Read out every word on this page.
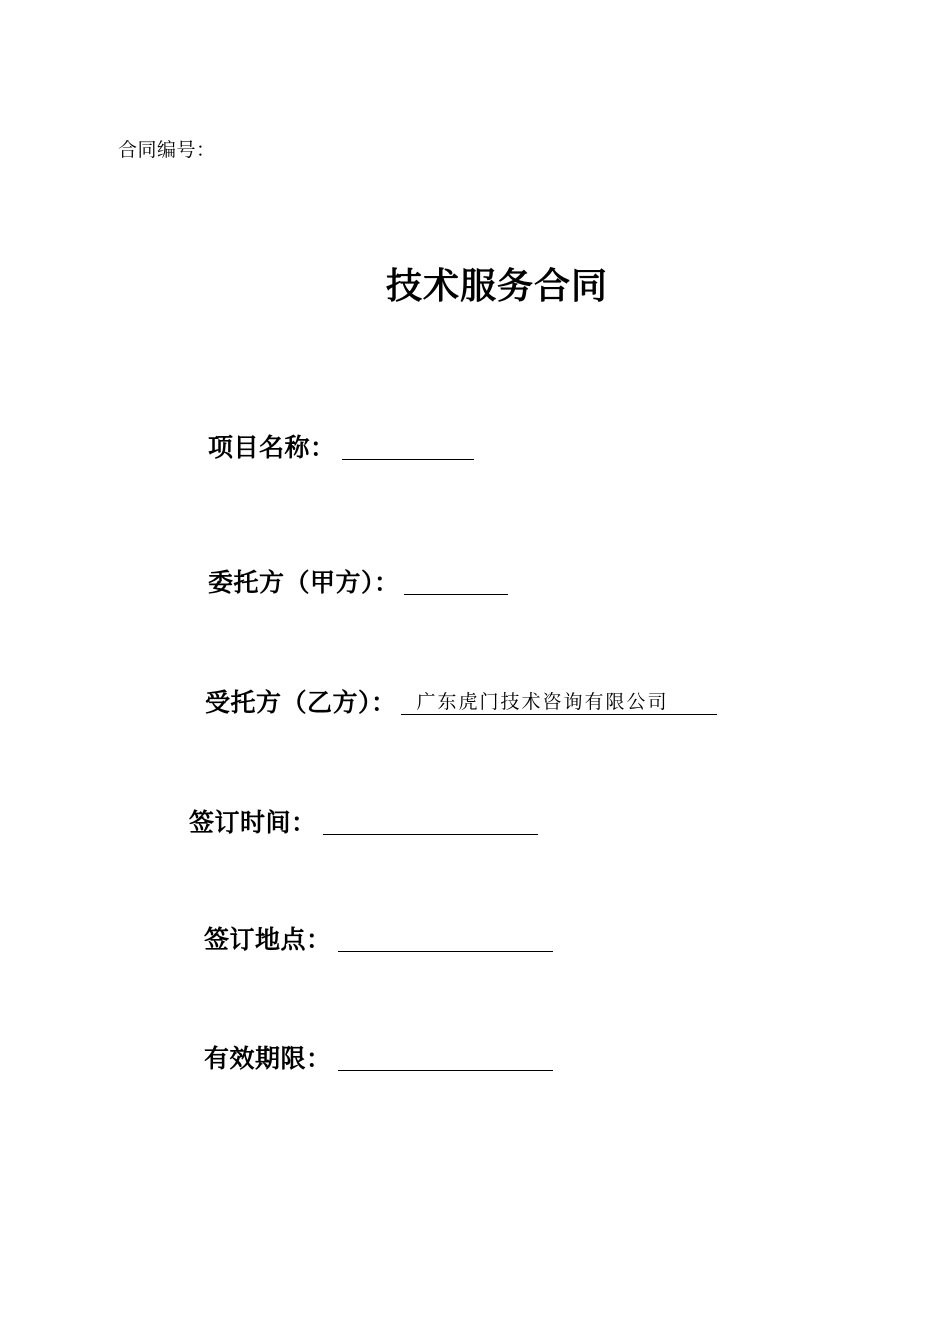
合同编号：
技术服务合同
项目名称：
委托方（甲方）：
受托方（乙方）：	广东虎门技术咨询有限公司
签订时间：
签订地点：
有效期限：
